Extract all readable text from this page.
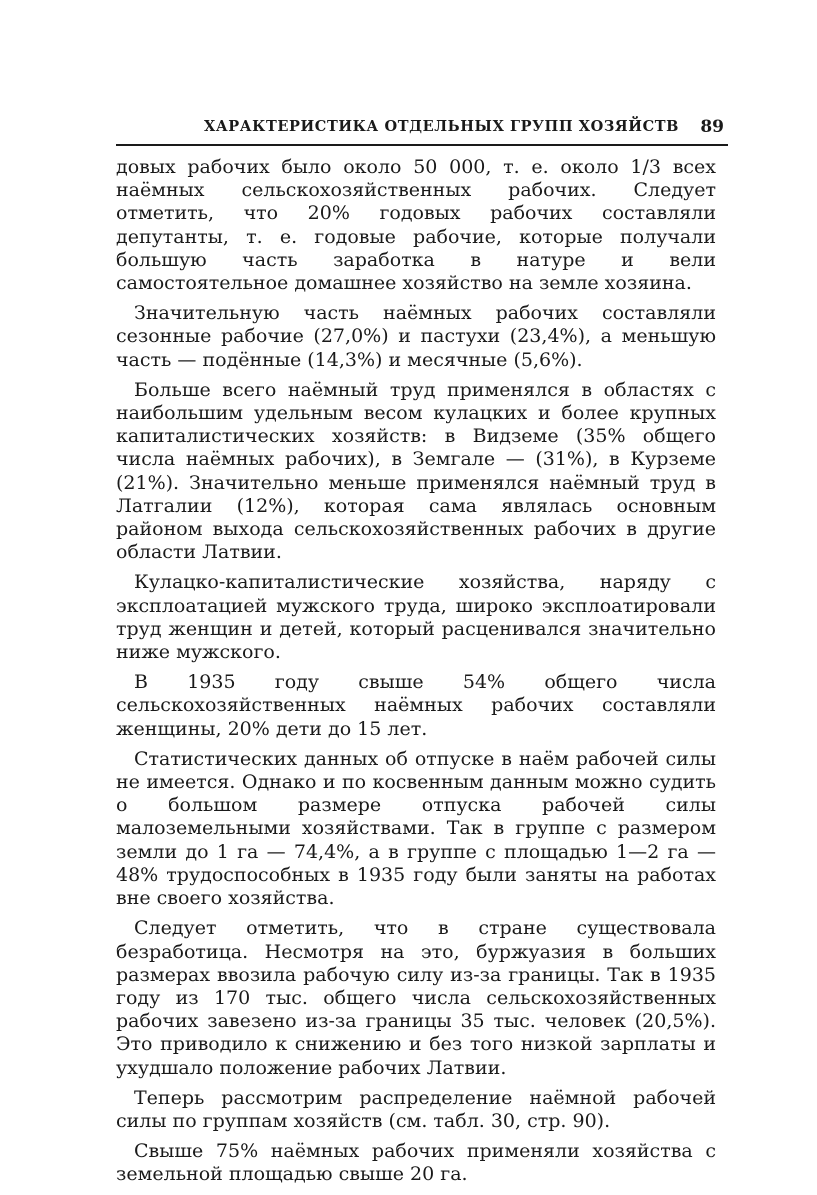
ХАРАКТЕРИСТИКА ОТДЕЛЬНЫХ ГРУПП ХОЗЯЙСТВ 89

довых рабочих было около 50 000, т. е. около 1/3 всех наёмных сельскохозяйственных рабочих. Следует отметить, что 20% годовых рабочих составляли депутанты, т. е. годовые рабочие, которые получали большую часть заработка в натуре и вели самостоятельное домашнее хозяйство на земле хозяина.

Значительную часть наёмных рабочих составляли сезонные рабочие (27,0%) и пастухи (23,4%), а меньшую часть — подённые (14,3%) и месячные (5,6%).

Больше всего наёмный труд применялся в областях с наибольшим удельным весом кулацких и более крупных капиталистических хозяйств: в Видземе (35% общего числа наёмных рабочих), в Земгале — (31%), в Курземе (21%). Значительно меньше применялся наёмный труд в Латгалии (12%), которая сама являлась основным районом выхода сельскохозяйственных рабочих в другие области Латвии.

Кулацко-капиталистические хозяйства, наряду с эксплоатацией мужского труда, широко эксплоатировали труд женщин и детей, который расценивался значительно ниже мужского.

В 1935 году свыше 54% общего числа сельскохозяйственных наёмных рабочих составляли женщины, 20% дети до 15 лет.

Статистических данных об отпуске в наём рабочей силы не имеется. Однако и по косвенным данным можно судить о большом размере отпуска рабочей силы малоземельными хозяйствами. Так в группе с размером земли до 1 га — 74,4%, а в группе с площадью 1—2 га — 48% трудоспособных в 1935 году были заняты на работах вне своего хозяйства.

Следует отметить, что в стране существовала безработица. Несмотря на это, буржуазия в больших размерах ввозила рабочую силу из-за границы. Так в 1935 году из 170 тыс. общего числа сельскохозяйственных рабочих завезено из-за границы 35 тыс. человек (20,5%). Это приводило к снижению и без того низкой зарплаты и ухудшало положение рабочих Латвии.

Теперь рассмотрим распределение наёмной рабочей силы по группам хозяйств (см. табл. 30, стр. 90).

Свыше 75% наёмных рабочих применяли хозяйства с земельной площадью свыше 20 га.
